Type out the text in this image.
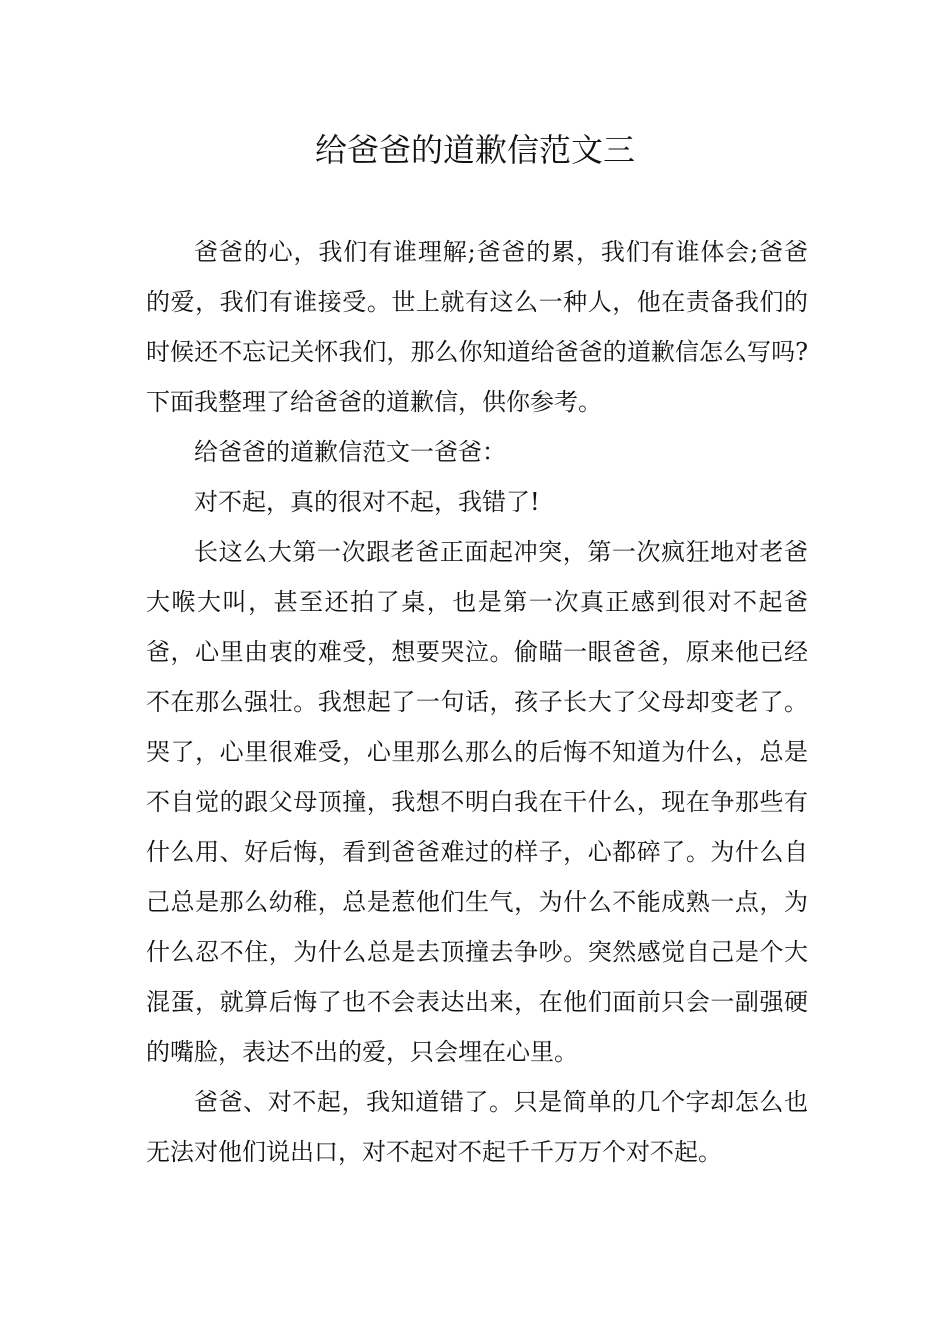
给爸爸的道歉信范文三

爸爸的心，我们有谁理解;爸爸的累，我们有谁体会;爸爸的爱，我们有谁接受。世上就有这么一种人，他在责备我们的时候还不忘记关怀我们，那么你知道给爸爸的道歉信怎么写吗?下面我整理了给爸爸的道歉信，供你参考。

给爸爸的道歉信范文一爸爸：

对不起，真的很对不起，我错了!

长这么大第一次跟老爸正面起冲突，第一次疯狂地对老爸大喉大叫，甚至还拍了桌，也是第一次真正感到很对不起爸爸，心里由衷的难受，想要哭泣。偷瞄一眼爸爸，原来他已经不在那么强壮。我想起了一句话，孩子长大了父母却变老了。哭了，心里很难受，心里那么那么的后悔不知道为什么，总是不自觉的跟父母顶撞，我想不明白我在干什么，现在争那些有什么用、好后悔，看到爸爸难过的样子，心都碎了。为什么自己总是那么幼稚，总是惹他们生气，为什么不能成熟一点，为什么忍不住，为什么总是去顶撞去争吵。突然感觉自己是个大混蛋，就算后悔了也不会表达出来，在他们面前只会一副强硬的嘴脸，表达不出的爱，只会埋在心里。

爸爸、对不起，我知道错了。只是简单的几个字却怎么也无法对他们说出口，对不起对不起千千万万个对不起。
